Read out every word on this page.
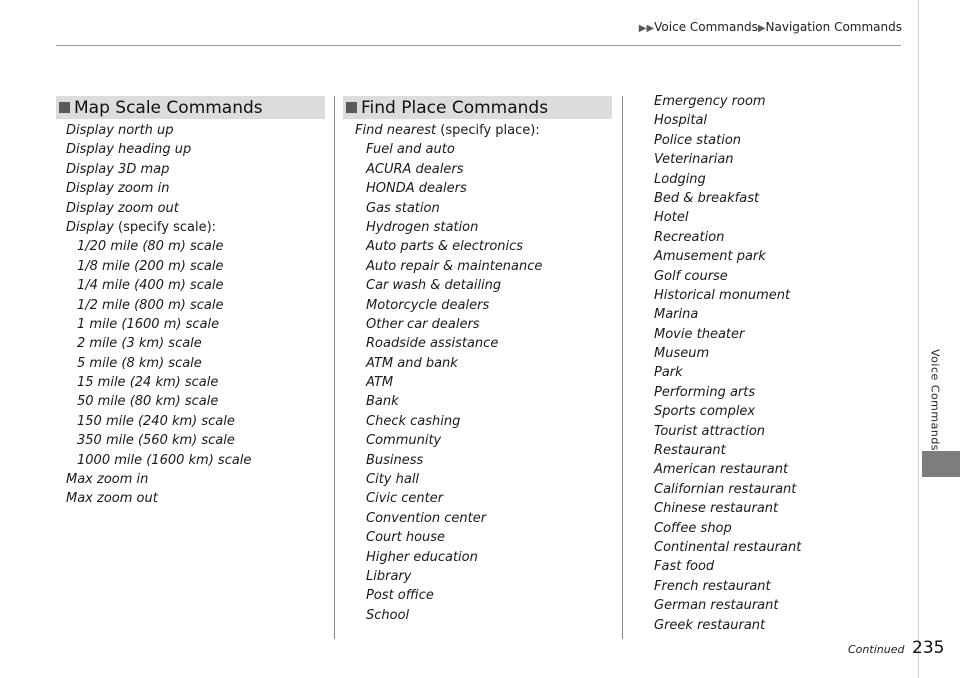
▶▶Voice Commands▶Navigation Commands
Voice Commands
Map Scale Commands
Display north up
Display heading up
Display 3D map
Display zoom in
Display zoom out
Display (specify scale):
1/20 mile (80 m) scale
1/8 mile (200 m) scale
1/4 mile (400 m) scale
1/2 mile (800 m) scale
1 mile (1600 m) scale
2 mile (3 km) scale
5 mile (8 km) scale
15 mile (24 km) scale
50 mile (80 km) scale
150 mile (240 km) scale
350 mile (560 km) scale
1000 mile (1600 km) scale
Max zoom in
Max zoom out
Find Place Commands
Find nearest (specify place):
Fuel and auto
ACURA dealers
HONDA dealers
Gas station
Hydrogen station
Auto parts & electronics
Auto repair & maintenance
Car wash & detailing
Motorcycle dealers
Other car dealers
Roadside assistance
ATM and bank
ATM
Bank
Check cashing
Community
Business
City hall
Civic center
Convention center
Court house
Higher education
Library
Post office
School
Emergency room
Hospital
Police station
Veterinarian
Lodging
Bed & breakfast
Hotel
Recreation
Amusement park
Golf course
Historical monument
Marina
Movie theater
Museum
Park
Performing arts
Sports complex
Tourist attraction
Restaurant
American restaurant
Californian restaurant
Chinese restaurant
Coffee shop
Continental restaurant
Fast food
French restaurant
German restaurant
Greek restaurant
Continued 235
